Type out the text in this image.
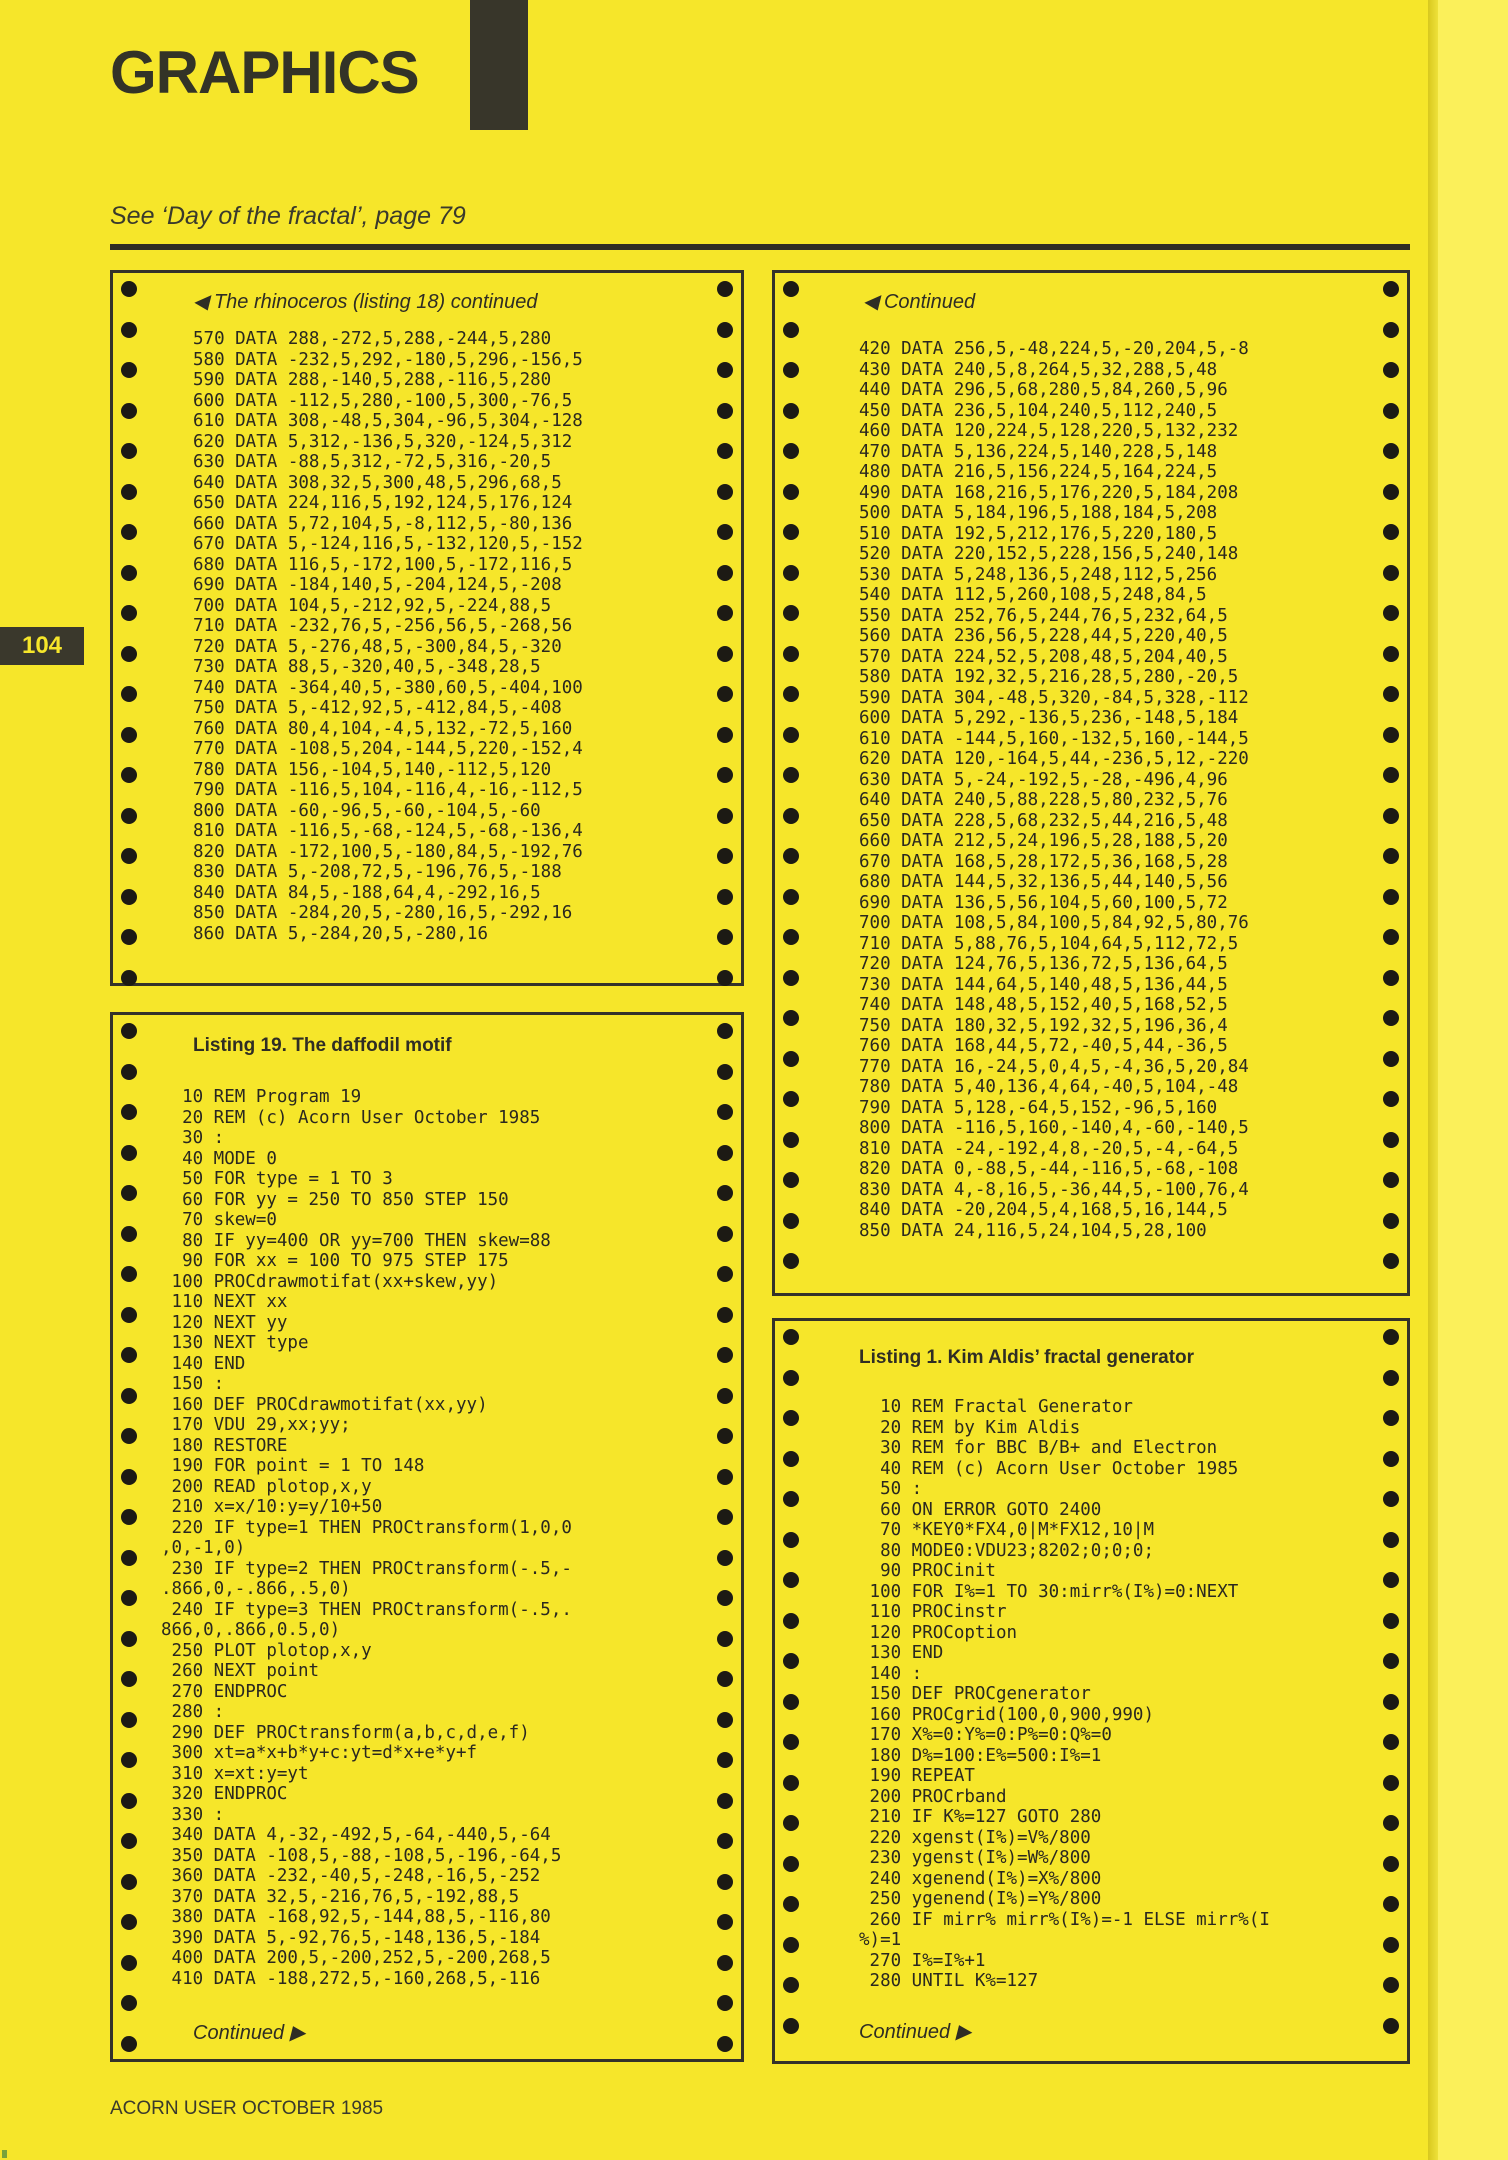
GRAPHICS
See ‘Day of the fractal’, page 79
104
◀ The rhinoceros (listing 18) continued
570 DATA 288,-272,5,288,-244,5,280
580 DATA -232,5,292,-180,5,296,-156,5
590 DATA 288,-140,5,288,-116,5,280
600 DATA -112,5,280,-100,5,300,-76,5
610 DATA 308,-48,5,304,-96,5,304,-128
620 DATA 5,312,-136,5,320,-124,5,312
630 DATA -88,5,312,-72,5,316,-20,5
640 DATA 308,32,5,300,48,5,296,68,5
650 DATA 224,116,5,192,124,5,176,124
660 DATA 5,72,104,5,-8,112,5,-80,136
670 DATA 5,-124,116,5,-132,120,5,-152
680 DATA 116,5,-172,100,5,-172,116,5
690 DATA -184,140,5,-204,124,5,-208
700 DATA 104,5,-212,92,5,-224,88,5
710 DATA -232,76,5,-256,56,5,-268,56
720 DATA 5,-276,48,5,-300,84,5,-320
730 DATA 88,5,-320,40,5,-348,28,5
740 DATA -364,40,5,-380,60,5,-404,100
750 DATA 5,-412,92,5,-412,84,5,-408
760 DATA 80,4,104,-4,5,132,-72,5,160
770 DATA -108,5,204,-144,5,220,-152,4
780 DATA 156,-104,5,140,-112,5,120
790 DATA -116,5,104,-116,4,-16,-112,5
800 DATA -60,-96,5,-60,-104,5,-60
810 DATA -116,5,-68,-124,5,-68,-136,4
820 DATA -172,100,5,-180,84,5,-192,76
830 DATA 5,-208,72,5,-196,76,5,-188
840 DATA 84,5,-188,64,4,-292,16,5
850 DATA -284,20,5,-280,16,5,-292,16
860 DATA 5,-284,20,5,-280,16
Listing 19. The daffodil motif
10 REM Program 19
20 REM (c) Acorn User October 1985
30 :
40 MODE 0
50 FOR type = 1 TO 3
60 FOR yy = 250 TO 850 STEP 150
70 skew=0
80 IF yy=400 OR yy=700 THEN skew=88
90 FOR xx = 100 TO 975 STEP 175
100 PROCdrawmotifat(xx+skew,yy)
110 NEXT xx
120 NEXT yy
130 NEXT type
140 END
150 :
160 DEF PROCdrawmotifat(xx,yy)
170 VDU 29,xx;yy;
180 RESTORE
190 FOR point = 1 TO 148
200 READ plotop,x,y
210 x=x/10:y=y/10+50
220 IF type=1 THEN PROCtransform(1,0,0
,0,-1,0)
230 IF type=2 THEN PROCtransform(-.5,-
.866,0,-.866,.5,0)
240 IF type=3 THEN PROCtransform(-.5,.
866,0,.866,0.5,0)
250 PLOT plotop,x,y
260 NEXT point
270 ENDPROC
280 :
290 DEF PROCtransform(a,b,c,d,e,f)
300 xt=a*x+b*y+c:yt=d*x+e*y+f
310 x=xt:y=yt
320 ENDPROC
330 :
340 DATA 4,-32,-492,5,-64,-440,5,-64
350 DATA -108,5,-88,-108,5,-196,-64,5
360 DATA -232,-40,5,-248,-16,5,-252
370 DATA 32,5,-216,76,5,-192,88,5
380 DATA -168,92,5,-144,88,5,-116,80
390 DATA 5,-92,76,5,-148,136,5,-184
400 DATA 200,5,-200,252,5,-200,268,5
410 DATA -188,272,5,-160,268,5,-116
Continued ▶
◀ Continued
420 DATA 256,5,-48,224,5,-20,204,5,-8
430 DATA 240,5,8,264,5,32,288,5,48
440 DATA 296,5,68,280,5,84,260,5,96
450 DATA 236,5,104,240,5,112,240,5
460 DATA 120,224,5,128,220,5,132,232
470 DATA 5,136,224,5,140,228,5,148
480 DATA 216,5,156,224,5,164,224,5
490 DATA 168,216,5,176,220,5,184,208
500 DATA 5,184,196,5,188,184,5,208
510 DATA 192,5,212,176,5,220,180,5
520 DATA 220,152,5,228,156,5,240,148
530 DATA 5,248,136,5,248,112,5,256
540 DATA 112,5,260,108,5,248,84,5
550 DATA 252,76,5,244,76,5,232,64,5
560 DATA 236,56,5,228,44,5,220,40,5
570 DATA 224,52,5,208,48,5,204,40,5
580 DATA 192,32,5,216,28,5,280,-20,5
590 DATA 304,-48,5,320,-84,5,328,-112
600 DATA 5,292,-136,5,236,-148,5,184
610 DATA -144,5,160,-132,5,160,-144,5
620 DATA 120,-164,5,44,-236,5,12,-220
630 DATA 5,-24,-192,5,-28,-496,4,96
640 DATA 240,5,88,228,5,80,232,5,76
650 DATA 228,5,68,232,5,44,216,5,48
660 DATA 212,5,24,196,5,28,188,5,20
670 DATA 168,5,28,172,5,36,168,5,28
680 DATA 144,5,32,136,5,44,140,5,56
690 DATA 136,5,56,104,5,60,100,5,72
700 DATA 108,5,84,100,5,84,92,5,80,76
710 DATA 5,88,76,5,104,64,5,112,72,5
720 DATA 124,76,5,136,72,5,136,64,5
730 DATA 144,64,5,140,48,5,136,44,5
740 DATA 148,48,5,152,40,5,168,52,5
750 DATA 180,32,5,192,32,5,196,36,4
760 DATA 168,44,5,72,-40,5,44,-36,5
770 DATA 16,-24,5,0,4,5,-4,36,5,20,84
780 DATA 5,40,136,4,64,-40,5,104,-48
790 DATA 5,128,-64,5,152,-96,5,160
800 DATA -116,5,160,-140,4,-60,-140,5
810 DATA -24,-192,4,8,-20,5,-4,-64,5
820 DATA 0,-88,5,-44,-116,5,-68,-108
830 DATA 4,-8,16,5,-36,44,5,-100,76,4
840 DATA -20,204,5,4,168,5,16,144,5
850 DATA 24,116,5,24,104,5,28,100
Listing 1. Kim Aldis’ fractal generator
10 REM Fractal Generator
20 REM by Kim Aldis
30 REM for BBC B/B+ and Electron
40 REM (c) Acorn User October 1985
50 :
60 ON ERROR GOTO 2400
70 *KEY0*FX4,0|M*FX12,10|M
80 MODE0:VDU23;8202;0;0;0;
90 PROCinit
100 FOR I%=1 TO 30:mirr%(I%)=0:NEXT
110 PROCinstr
120 PROCoption
130 END
140 :
150 DEF PROCgenerator
160 PROCgrid(100,0,900,990)
170 X%=0:Y%=0:P%=0:Q%=0
180 D%=100:E%=500:I%=1
190 REPEAT
200 PROCrband
210 IF K%=127 GOTO 280
220 xgenst(I%)=V%/800
230 ygenst(I%)=W%/800
240 xgenend(I%)=X%/800
250 ygenend(I%)=Y%/800
260 IF mirr% mirr%(I%)=-1 ELSE mirr%(I
%)=1
270 I%=I%+1
280 UNTIL K%=127
Continued ▶
ACORN USER OCTOBER 1985
